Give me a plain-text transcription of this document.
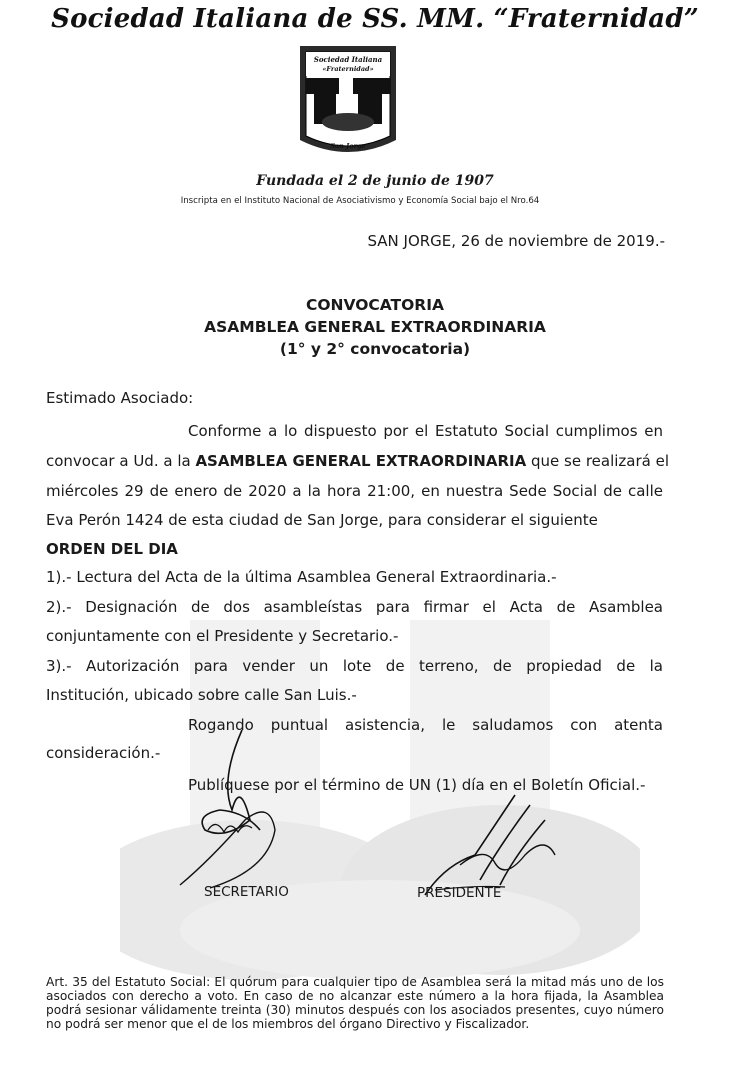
Sociedad Italiana de SS. MM. “Fraternidad”
Sociedad Italiana
«Fraternidad»
San Jorge
Fundada el 2 de junio de 1907
Inscripta en el Instituto Nacional de Asociativismo y Economía Social bajo el Nro.64
SAN JORGE, 26 de noviembre de 2019.-
CONVOCATORIA
ASAMBLEA GENERAL EXTRAORDINARIA
(1° y 2° convocatoria)
Estimado Asociado:
Conforme a lo dispuesto por el Estatuto Social cumplimos en
convocar a Ud. a la ASAMBLEA GENERAL EXTRAORDINARIA que se realizará el
miércoles 29 de enero de 2020 a la hora 21:00, en nuestra Sede Social de calle
Eva Perón 1424 de esta ciudad de San Jorge, para considerar el siguiente
ORDEN DEL DIA
1).- Lectura del Acta de la última Asamblea General Extraordinaria.-
2).- Designación de dos asambleístas para firmar el Acta de Asamblea
conjuntamente con el Presidente y Secretario.-
3).- Autorización para vender un lote de terreno, de propiedad de la
Institución, ubicado sobre calle San Luis.-
Rogando puntual asistencia, le saludamos con atenta
consideración.-
Publíquese por el término de UN (1) día en el Boletín Oficial.-
SECRETARIO	PRESIDENTE
Art. 35 del Estatuto Social: El quórum para cualquier tipo de Asamblea será la mitad más uno de los asociados con derecho a voto. En caso de no alcanzar este número a la hora fijada, la Asamblea podrá sesionar válidamente treinta (30) minutos después con los asociados presentes, cuyo número no podrá ser menor que el de los miembros del órgano Directivo y Fiscalizador.
